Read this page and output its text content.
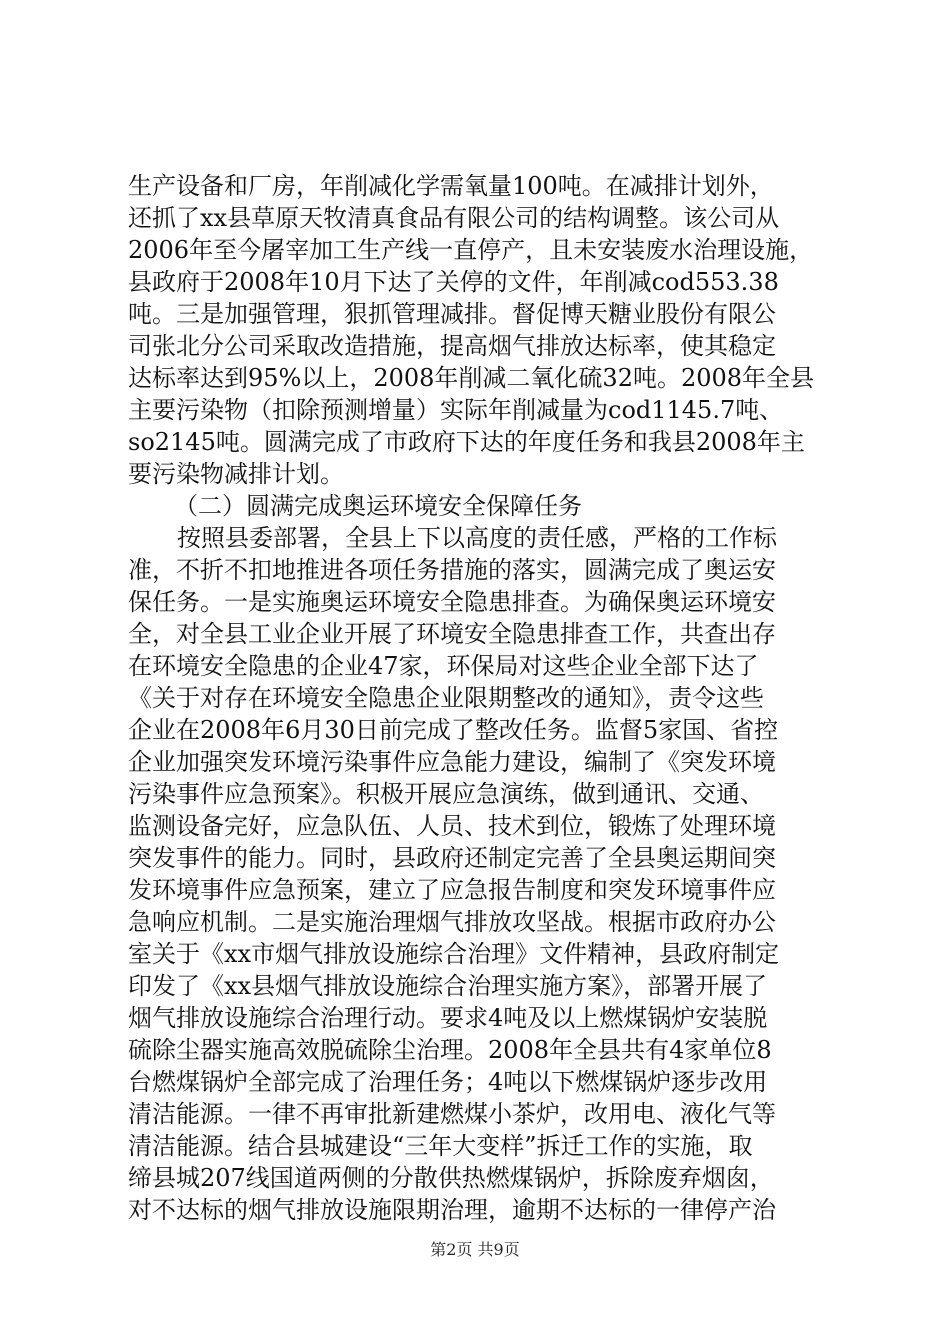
生产设备和厂房，年削减化学需氧量100吨。在减排计划外，
还抓了xx县草原天牧清真食品有限公司的结构调整。该公司从
2006年至今屠宰加工生产线一直停产，且未安装废水治理设施，
县政府于2008年10月下达了关停的文件，年削减cod553.38
吨。三是加强管理，狠抓管理减排。督促博天糖业股份有限公
司张北分公司采取改造措施，提高烟气排放达标率，使其稳定
达标率达到95%以上，2008年削减二氧化硫32吨。2008年全县
主要污染物（扣除预测增量）实际年削减量为cod1145.7吨、
so2145吨。圆满完成了市政府下达的年度任务和我县2008年主
要污染物减排计划。
（二）圆满完成奥运环境安全保障任务
按照县委部署，全县上下以高度的责任感，严格的工作标
准，不折不扣地推进各项任务措施的落实，圆满完成了奥运安
保任务。一是实施奥运环境安全隐患排查。为确保奥运环境安
全，对全县工业企业开展了环境安全隐患排查工作，共查出存
在环境安全隐患的企业47家，环保局对这些企业全部下达了
《关于对存在环境安全隐患企业限期整改的通知》，责令这些
企业在2008年6月30日前完成了整改任务。监督5家国、省控
企业加强突发环境污染事件应急能力建设，编制了《突发环境
污染事件应急预案》。积极开展应急演练，做到通讯、交通、
监测设备完好，应急队伍、人员、技术到位，锻炼了处理环境
突发事件的能力。同时，县政府还制定完善了全县奥运期间突
发环境事件应急预案，建立了应急报告制度和突发环境事件应
急响应机制。二是实施治理烟气排放攻坚战。根据市政府办公
室关于《xx市烟气排放设施综合治理》文件精神，县政府制定
印发了《xx县烟气排放设施综合治理实施方案》，部署开展了
烟气排放设施综合治理行动。要求4吨及以上燃煤锅炉安装脱
硫除尘器实施高效脱硫除尘治理。2008年全县共有4家单位8
台燃煤锅炉全部完成了治理任务；4吨以下燃煤锅炉逐步改用
清洁能源。一律不再审批新建燃煤小茶炉，改用电、液化气等
清洁能源。结合县城建设“三年大变样”拆迁工作的实施，取
缔县城207线国道两侧的分散供热燃煤锅炉，拆除废弃烟囱，
对不达标的烟气排放设施限期治理，逾期不达标的一律停产治
第2页 共9页
